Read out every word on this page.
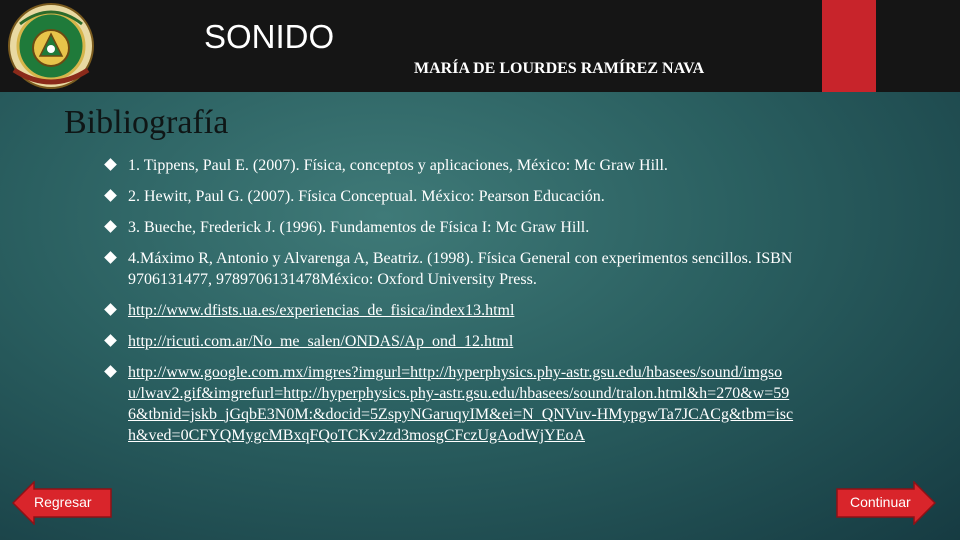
SONIDO
MARÍA DE LOURDES RAMÍREZ NAVA
Bibliografía
1. Tippens, Paul E. (2007). Física, conceptos y aplicaciones, México: Mc Graw Hill.
2. Hewitt, Paul G. (2007). Física Conceptual. México: Pearson Educación.
3. Bueche, Frederick J. (1996). Fundamentos de Física I: Mc Graw Hill.
4.Máximo R, Antonio y Alvarenga A, Beatriz. (1998). Física General con experimentos sencillos. ISBN 9706131477, 9789706131478México: Oxford University Press.
http://www.dfists.ua.es/experiencias_de_fisica/index13.html
http://ricuti.com.ar/No_me_salen/ONDAS/Ap_ond_12.html
http://www.google.com.mx/imgres?imgurl=http://hyperphysics.phy-astr.gsu.edu/hbasees/sound/imgsou/lwav2.gif&imgrefurl=http://hyperphysics.phy-astr.gsu.edu/hbasees/sound/tralon.html&h=270&w=596&tbnid=jskb_jGqbE3N0M:&docid=5ZspyNGaruqyIM&ei=N_QNVuv-HMypgwTa7JCACg&tbm=isch&ved=0CFYQMygcMBxqFQoTCKv2zd3mosgCFczUgAodWjYEoA
Regresar	Continuar
